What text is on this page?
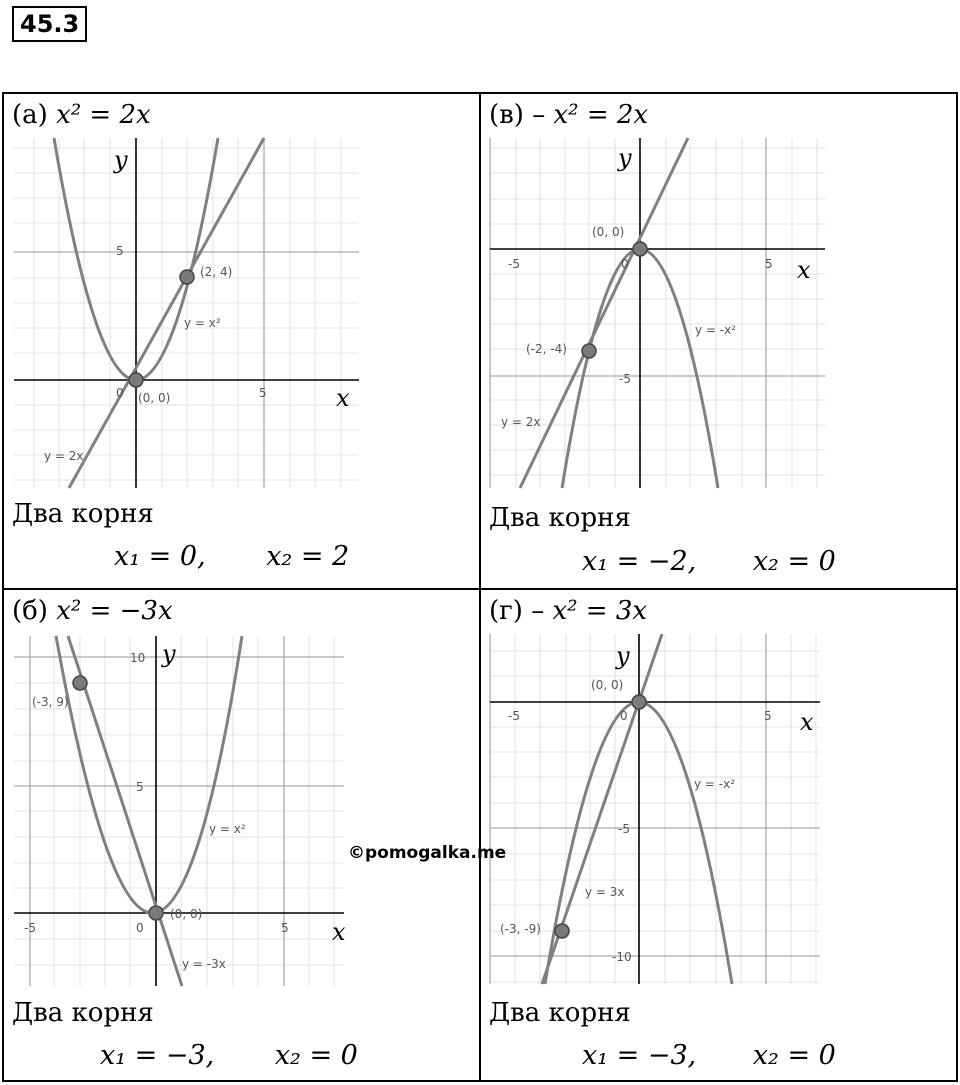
45.3
(а) x² = 2x
(2, 4)
(0, 0)
y = x²
y = 2x
5
5
0	x
y
Два корня
x₁ = 0, x₂ = 2
(в) – x² = 2x
(0, 0)
(-2, -4)
y = -x²
y = 2x
-5	5
-5
0	x
y
Два корня
x₁ = −2, x₂ = 0
(б) x² = −3x
(-3, 9)
(0, 0)
y = x²
y = -3x
-5	5
5
10
0	x
y
Два корня
x₁ = −3, x₂ = 0
(г) – x² = 3x
(0, 0)
(-3, -9)
y = -x²
y = 3x
-5	5
-5
-10
0	x
y
Два корня
x₁ = −3, x₂ = 0
©pomogalka.me
